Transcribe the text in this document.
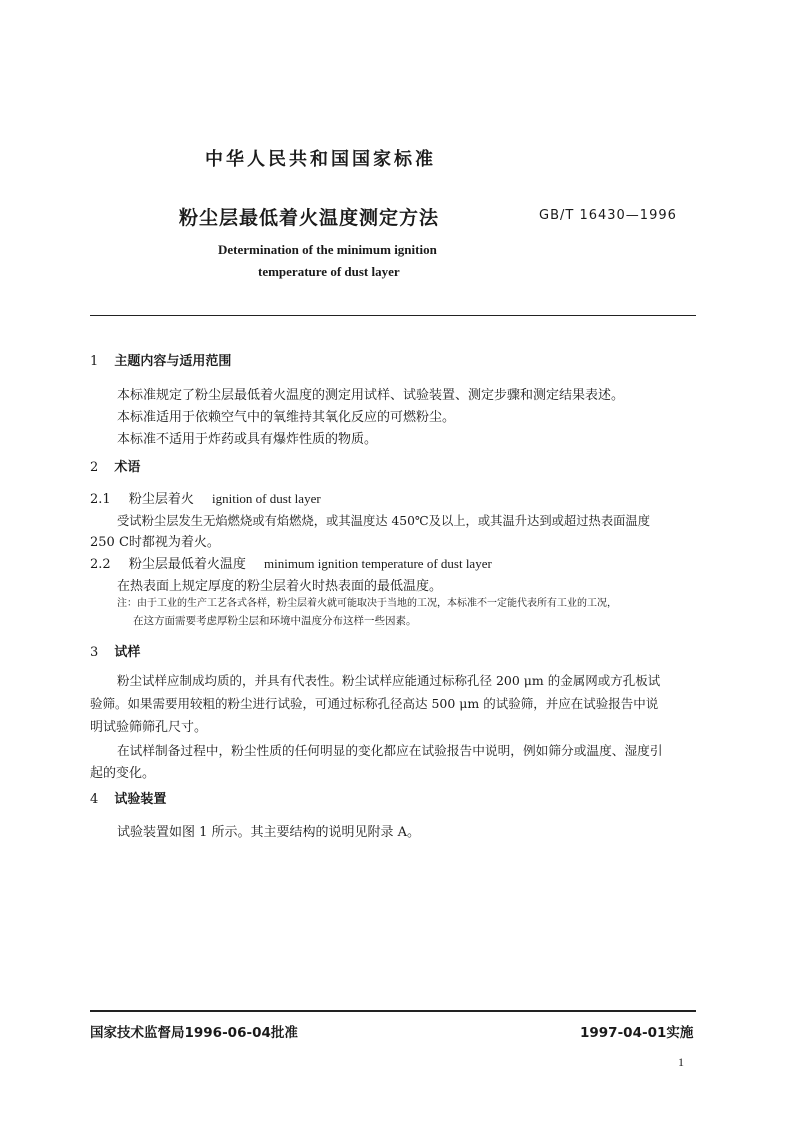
中华人民共和国国家标准
粉尘层最低着火温度测定方法	GB/T 16430—1996
Determination of the minimum ignition
temperature of dust layer
1 主题内容与适用范围
本标准规定了粉尘层最低着火温度的测定用试样、试验装置、测定步骤和测定结果表述。
本标准适用于依赖空气中的氧维持其氧化反应的可燃粉尘。
本标准不适用于炸药或具有爆炸性质的物质。
2 术语
2.1 粉尘层着火 ignition of dust layer
受试粉尘层发生无焰燃烧或有焰燃烧，或其温度达 450℃及以上，或其温升达到或超过热表面温度
250 C时都视为着火。
2.2 粉尘层最低着火温度 minimum ignition temperature of dust layer
在热表面上规定厚度的粉尘层着火时热表面的最低温度。
注：由于工业的生产工艺各式各样，粉尘层着火就可能取决于当地的工况，本标准不一定能代表所有工业的工况，
在这方面需要考虑厚粉尘层和环境中温度分布这样一些因素。
3 试样
粉尘试样应制成均质的，并具有代表性。粉尘试样应能通过标称孔径 200 μm 的金属网或方孔板试
验筛。如果需要用较粗的粉尘进行试验，可通过标称孔径高达 500 μm 的试验筛，并应在试验报告中说
明试验筛筛孔尺寸。
在试样制备过程中，粉尘性质的任何明显的变化都应在试验报告中说明，例如筛分或温度、湿度引
起的变化。
4 试验装置
试验装置如图 1 所示。其主要结构的说明见附录 A。
国家技术监督局1996-06-04批准	1997-04-01实施
1
